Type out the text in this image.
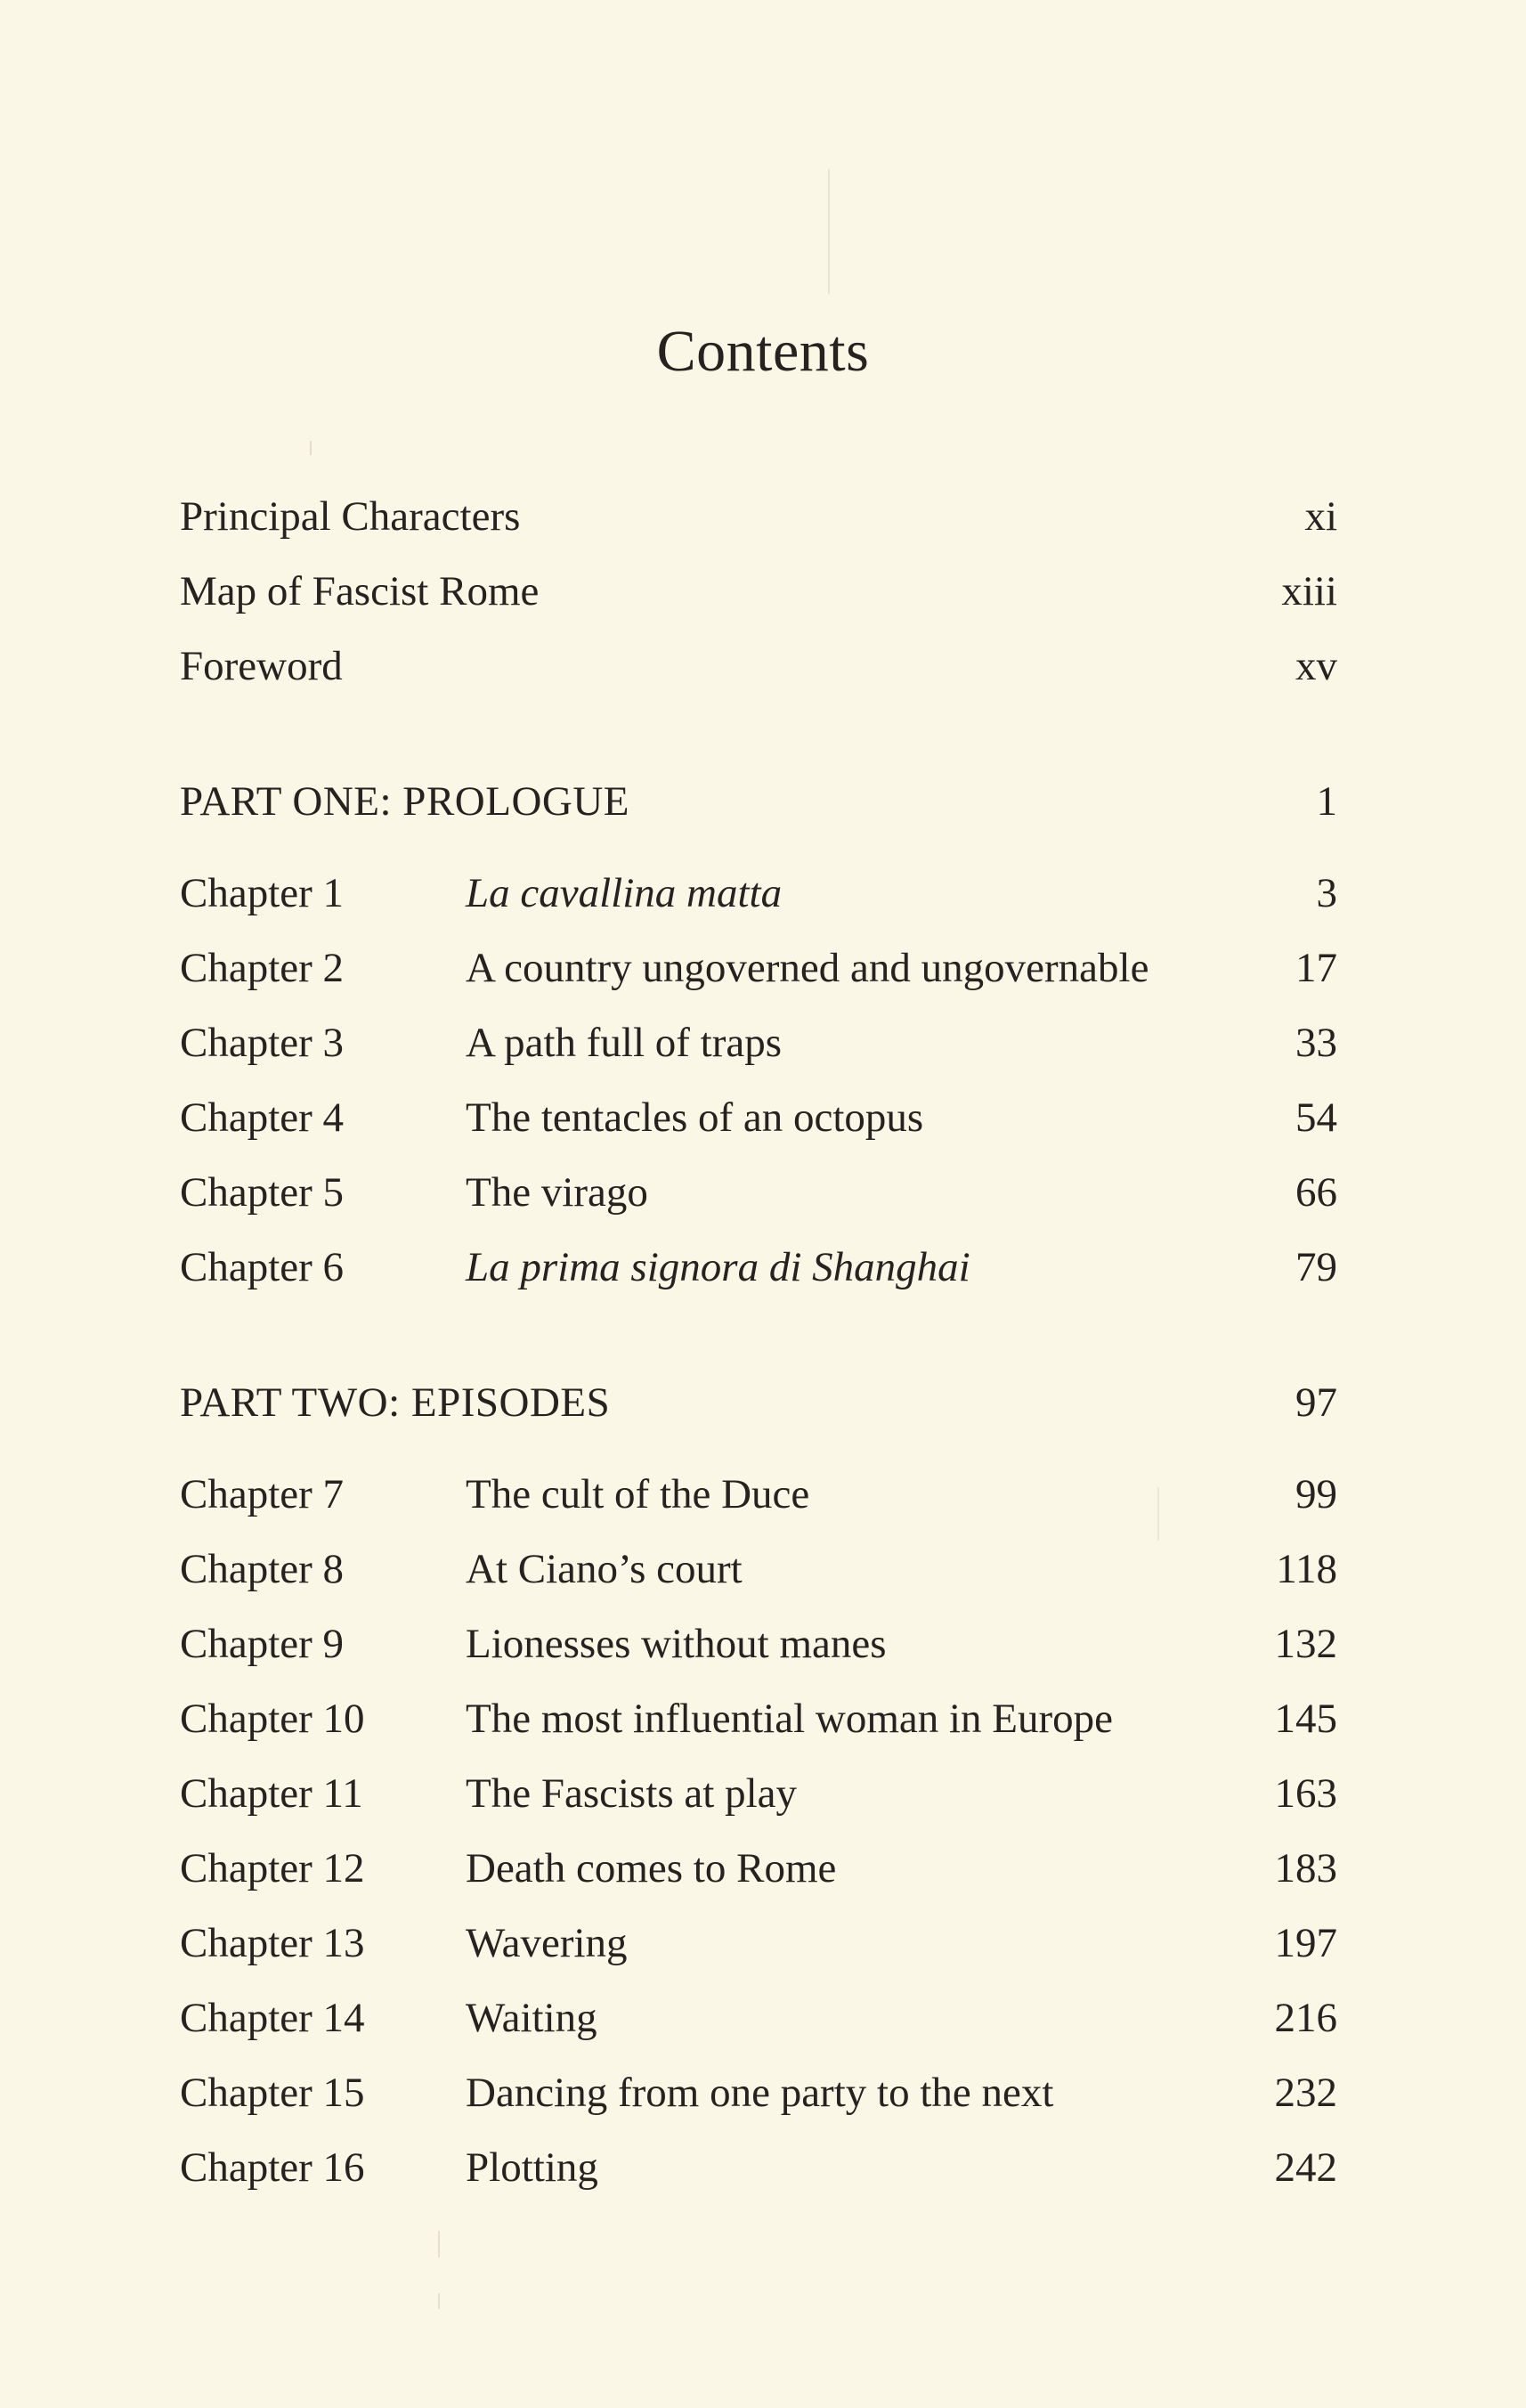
Contents
Principal Characters	xi
Map of Fascist Rome	xiii
Foreword	xv
PART ONE: PROLOGUE	1
Chapter 1	La cavallina matta	3
Chapter 2	A country ungoverned and ungovernable	17
Chapter 3	A path full of traps	33
Chapter 4	The tentacles of an octopus	54
Chapter 5	The virago	66
Chapter 6	La prima signora di Shanghai	79
PART TWO: EPISODES	97
Chapter 7	The cult of the Duce	99
Chapter 8	At Ciano’s court	118
Chapter 9	Lionesses without manes	132
Chapter 10 The most influential woman in Europe	145
Chapter 11 The Fascists at play	163
Chapter 12 Death comes to Rome	183
Chapter 13 Wavering	197
Chapter 14 Waiting	216
Chapter 15 Dancing from one party to the next	232
Chapter 16 Plotting	242
